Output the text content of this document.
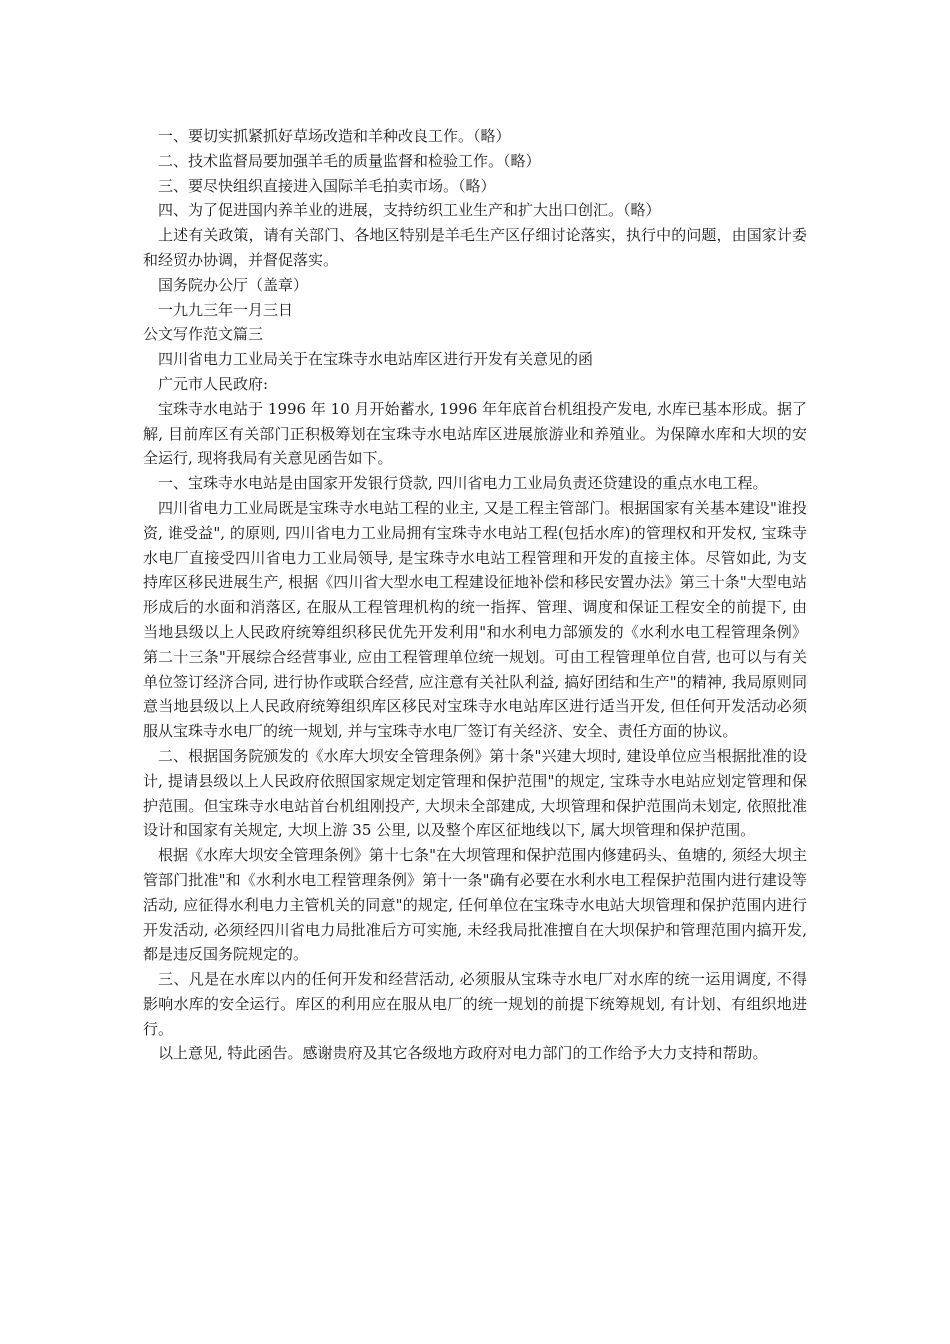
一、要切实抓紧抓好草场改造和羊种改良工作。（略）

二、技术监督局要加强羊毛的质量监督和检验工作。（略）

三、要尽快组织直接进入国际羊毛拍卖市场。（略）

四、为了促进国内养羊业的进展，支持纺织工业生产和扩大出口创汇。（略）

上述有关政策，请有关部门、各地区特别是羊毛生产区仔细讨论落实，执行中的问题，由国家计委和经贸办协调，并督促落实。

国务院办公厅（盖章）

一九九三年一月三日

公文写作范文篇三

四川省电力工业局关于在宝珠寺水电站库区进行开发有关意见的函

广元市人民政府:

宝珠寺水电站于 1996 年 10 月开始蓄水, 1996 年年底首台机组投产发电, 水库已基本形成。据了解, 目前库区有关部门正积极筹划在宝珠寺水电站库区进展旅游业和养殖业。为保障水库和大坝的安全运行, 现将我局有关意见函告如下。

一、宝珠寺水电站是由国家开发银行贷款, 四川省电力工业局负责还贷建设的重点水电工程。

四川省电力工业局既是宝珠寺水电站工程的业主, 又是工程主管部门。根据国家有关基本建设"谁投资, 谁受益", 的原则, 四川省电力工业局拥有宝珠寺水电站工程(包括水库)的管理权和开发权, 宝珠寺水电厂直接受四川省电力工业局领导, 是宝珠寺水电站工程管理和开发的直接主体。尽管如此, 为支持库区移民进展生产, 根据《四川省大型水电工程建设征地补偿和移民安置办法》第三十条"大型电站形成后的水面和消落区, 在服从工程管理机构的统一指挥、管理、调度和保证工程安全的前提下, 由当地县级以上人民政府统筹组织移民优先开发利用"和水利电力部颁发的《水利水电工程管理条例》第二十三条"开展综合经营事业, 应由工程管理单位统一规划。可由工程管理单位自营, 也可以与有关单位签订经济合同, 进行协作或联合经营, 应注意有关社队利益, 搞好团结和生产"的精神, 我局原则同意当地县级以上人民政府统筹组织库区移民对宝珠寺水电站库区进行适当开发, 但任何开发活动必须服从宝珠寺水电厂的统一规划, 并与宝珠寺水电厂签订有关经济、安全、责任方面的协议。

二、根据国务院颁发的《水库大坝安全管理条例》第十条"兴建大坝时, 建设单位应当根据批准的设计, 提请县级以上人民政府依照国家规定划定管理和保护范围"的规定, 宝珠寺水电站应划定管理和保护范围。但宝珠寺水电站首台机组刚投产, 大坝未全部建成, 大坝管理和保护范围尚未划定, 依照批准设计和国家有关规定, 大坝上游 35 公里, 以及整个库区征地线以下, 属大坝管理和保护范围。

根据《水库大坝安全管理条例》第十七条"在大坝管理和保护范围内修建码头、鱼塘的, 须经大坝主管部门批准"和《水利水电工程管理条例》第十一条"确有必要在水利水电工程保护范围内进行建设等活动, 应征得水利电力主管机关的同意"的规定, 任何单位在宝珠寺水电站大坝管理和保护范围内进行开发活动, 必须经四川省电力局批准后方可实施, 未经我局批准擅自在大坝保护和管理范围内搞开发, 都是违反国务院规定的。

三、凡是在水库以内的任何开发和经营活动, 必须服从宝珠寺水电厂对水库的统一运用调度, 不得影响水库的安全运行。库区的利用应在服从电厂的统一规划的前提下统筹规划, 有计划、有组织地进行。

以上意见, 特此函告。感谢贵府及其它各级地方政府对电力部门的工作给予大力支持和帮助。
